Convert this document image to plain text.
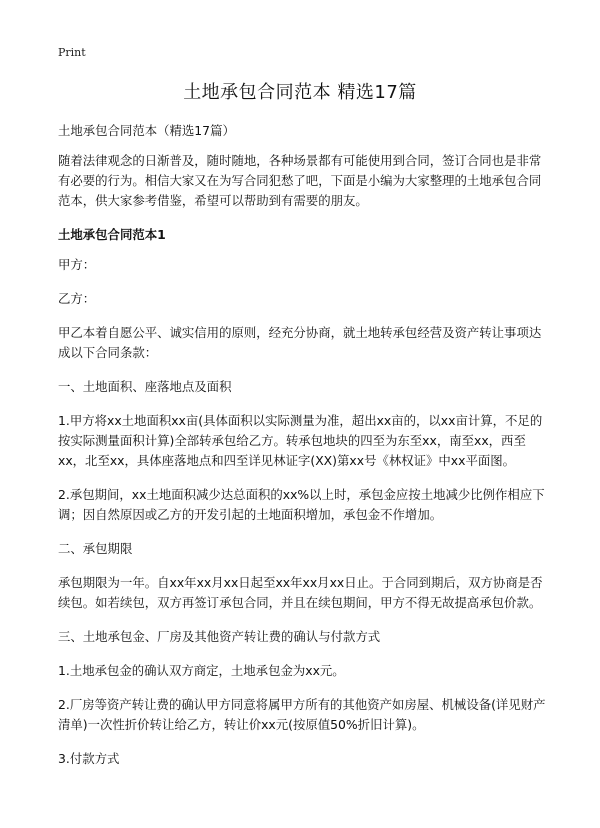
Print
土地承包合同范本 精选17篇

土地承包合同范本（精选17篇）

随着法律观念的日渐普及，随时随地，各种场景都有可能使用到合同，签订合同也是非常有必要的行为。相信大家又在为写合同犯愁了吧，下面是小编为大家整理的土地承包合同范本，供大家参考借鉴，希望可以帮助到有需要的朋友。

土地承包合同范本1

甲方：

乙方：

甲乙本着自愿公平、诚实信用的原则，经充分协商，就土地转承包经营及资产转让事项达成以下合同条款：

一、土地面积、座落地点及面积

1.甲方将xx土地面积xx亩(具体面积以实际测量为准，超出xx亩的，以xx亩计算，不足的按实际测量面积计算)全部转承包给乙方。转承包地块的四至为东至xx，南至xx，西至xx，北至xx，具体座落地点和四至详见林证字(XX)第xx号《林权证》中xx平面图。

2.承包期间，xx土地面积减少达总面积的xx%以上时，承包金应按土地减少比例作相应下调；因自然原因或乙方的开发引起的土地面积增加，承包金不作增加。

二、承包期限

承包期限为一年。自xx年xx月xx日起至xx年xx月xx日止。于合同到期后，双方协商是否续包。如若续包，双方再签订承包合同，并且在续包期间，甲方不得无故提高承包价款。

三、土地承包金、厂房及其他资产转让费的确认与付款方式

1.土地承包金的确认双方商定，土地承包金为xx元。

2.厂房等资产转让费的确认甲方同意将属甲方所有的其他资产如房屋、机械设备(详见财产清单)一次性折价转让给乙方，转让价xx元(按原值50%折旧计算)。

3.付款方式
